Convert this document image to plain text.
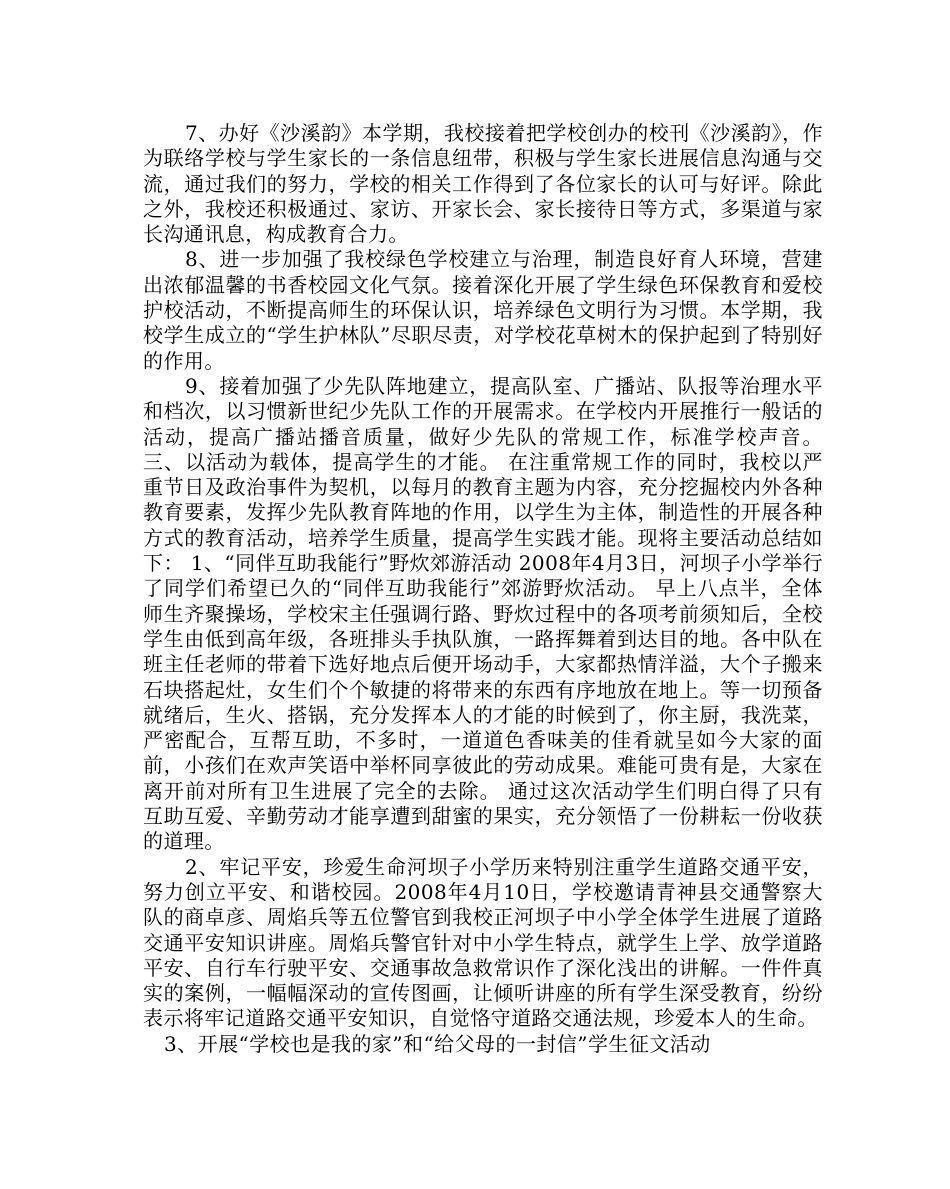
7、办好《沙溪韵》本学期，我校接着把学校创办的校刊《沙溪韵》，作为联络学校与学生家长的一条信息纽带，积极与学生家长进展信息沟通与交流，通过我们的努力，学校的相关工作得到了各位家长的认可与好评。除此之外，我校还积极通过、家访、开家长会、家长接待日等方式，多渠道与家长沟通讯息，构成教育合力。

8、进一步加强了我校绿色学校建立与治理，制造良好育人环境，营建出浓郁温馨的书香校园文化气氛。接着深化开展了学生绿色环保教育和爱校护校活动，不断提高师生的环保认识，培养绿色文明行为习惯。本学期，我校学生成立的“学生护林队”尽职尽责，对学校花草树木的保护起到了特别好的作用。

9、接着加强了少先队阵地建立，提高队室、广播站、队报等治理水平和档次，以习惯新世纪少先队工作的开展需求。在学校内开展推行一般话的活动，提高广播站播音质量，做好少先队的常规工作，标准学校声音。 三、以活动为载体，提高学生的才能。 在注重常规工作的同时，我校以严重节日及政治事件为契机，以每月的教育主题为内容，充分挖掘校内外各种教育要素，发挥少先队教育阵地的作用，以学生为主体，制造性的开展各种方式的教育活动，培养学生质量，提高学生实践才能。现将主要活动总结如下： 1、“同伴互助我能行”野炊郊游活动 2008年4月3日，河坝子小学举行了同学们希望已久的“同伴互助我能行”郊游野炊活动。 早上八点半，全体师生齐聚操场，学校宋主任强调行路、野炊过程中的各项考前须知后，全校学生由低到高年级，各班排头手执队旗，一路挥舞着到达目的地。各中队在班主任老师的带着下选好地点后便开场动手，大家都热情洋溢，大个子搬来石块搭起灶，女生们个个敏捷的将带来的东西有序地放在地上。等一切预备就绪后，生火、搭锅，充分发挥本人的才能的时候到了，你主厨，我洗菜，严密配合，互帮互助，不多时，一道道色香味美的佳肴就呈如今大家的面前，小孩们在欢声笑语中举杯同享彼此的劳动成果。难能可贵有是，大家在离开前对所有卫生进展了完全的去除。 通过这次活动学生们明白得了只有互助互爱、辛勤劳动才能享遭到甜蜜的果实，充分领悟了一份耕耘一份收获的道理。

2、牢记平安，珍爱生命河坝子小学历来特别注重学生道路交通平安，努力创立平安、和谐校园。2008年4月10日，学校邀请青神县交通警察大队的商卓彦、周焰兵等五位警官到我校正河坝子中小学全体学生进展了道路交通平安知识讲座。周焰兵警官针对中小学生特点，就学生上学、放学道路平安、自行车行驶平安、交通事故急救常识作了深化浅出的讲解。一件件真实的案例，一幅幅深动的宣传图画，让倾听讲座的所有学生深受教育，纷纷表示将牢记道路交通平安知识，自觉恪守道路交通法规，珍爱本人的生命。

3、开展“学校也是我的家”和“给父母的一封信”学生征文活动
